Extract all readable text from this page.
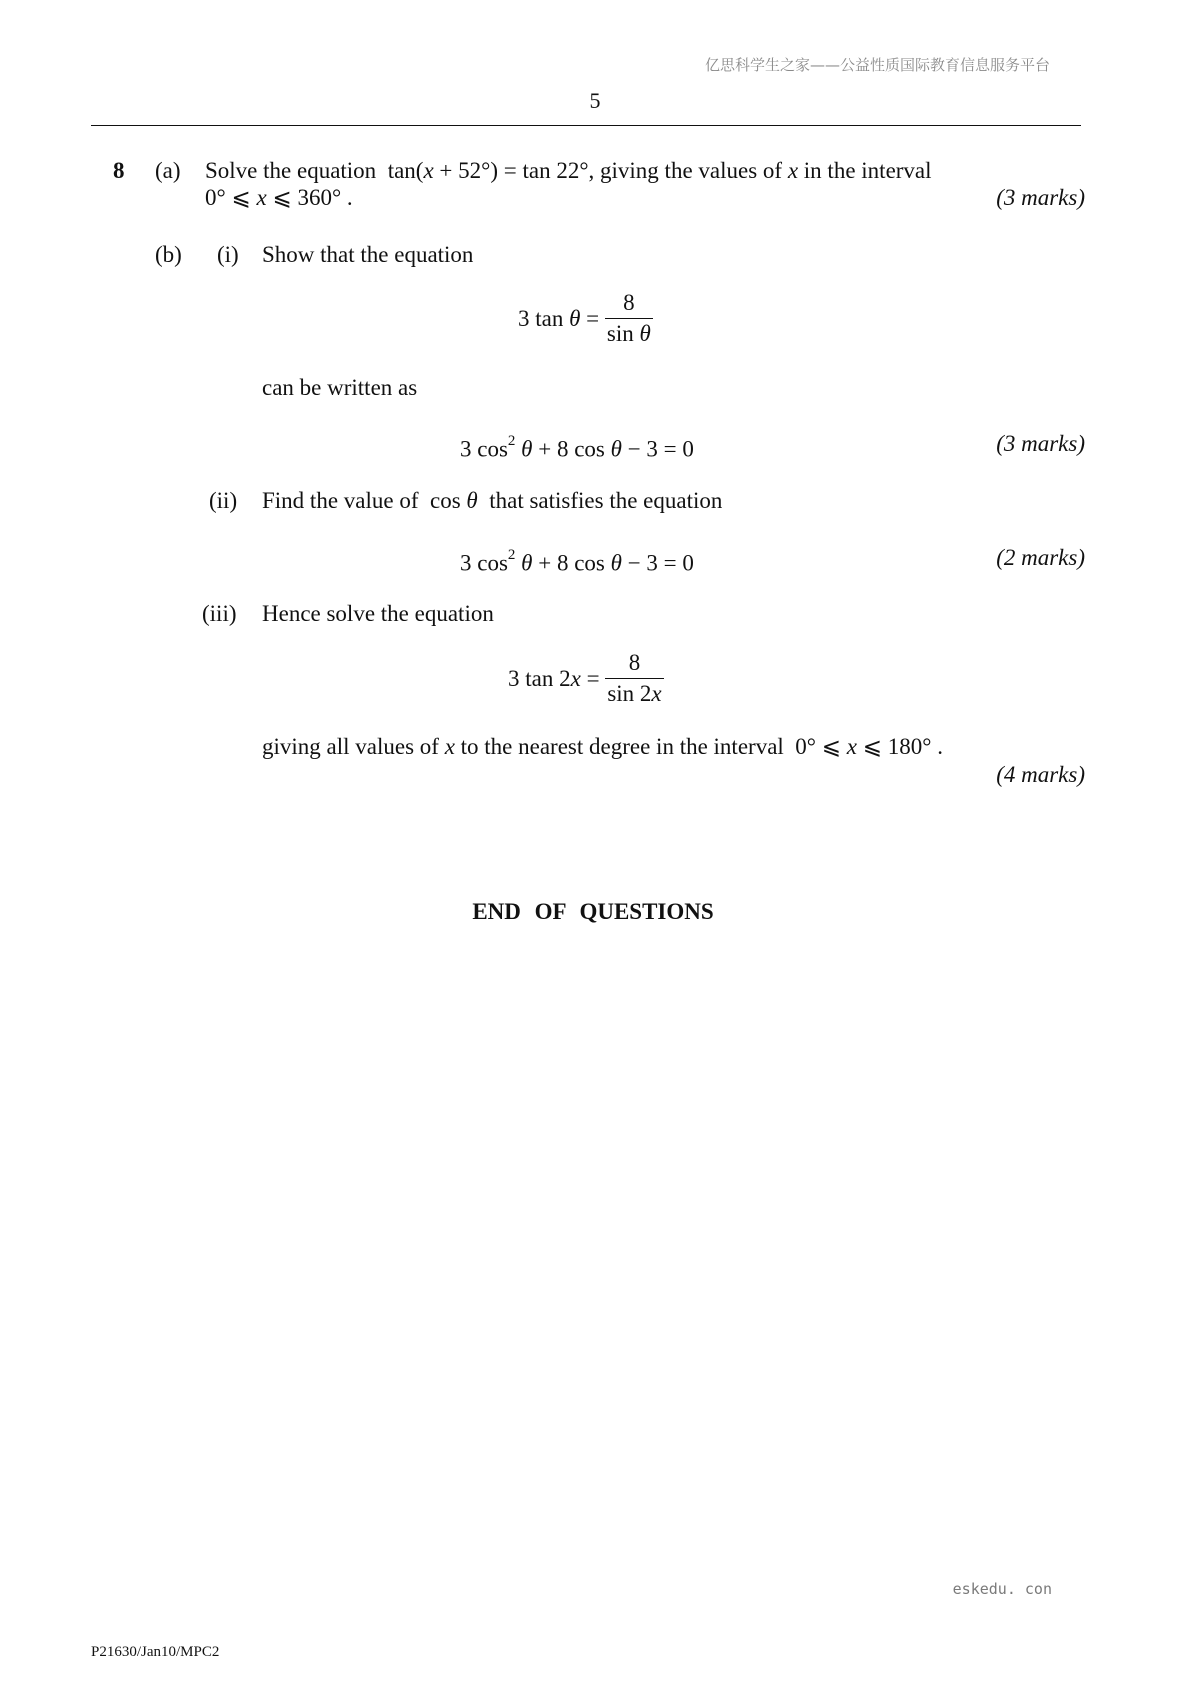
亿思科学生之家——公益性质国际教育信息服务平台
5
8 (a) Solve the equation tan(x + 52°) = tan 22°, giving the values of x in the interval
0° ⩽ x ⩽ 360° .	(3 marks)
(b) (i) Show that the equation
3 tan
θ
=
$\frac{8}{\text{sin θ}}$
can be written as
3 $\cos^2 \theta + 8$ cos θ − 3 = 0	(3 marks)
(ii) Find the value of cos θ that satisfies the equation
3 $\cos^2 \theta + 8$ cos θ − 3 = 0	(2 marks)
(iii) Hence solve the equation
3 tan 2 x
=
$\frac{8}{\sin 2x}$
giving all values of x to the nearest degree in the interval 0° ⩽ x ⩽ 180° .
(4 marks)
END OF QUESTIONS
eskedu. con
P21630/Jan10/MPC2
